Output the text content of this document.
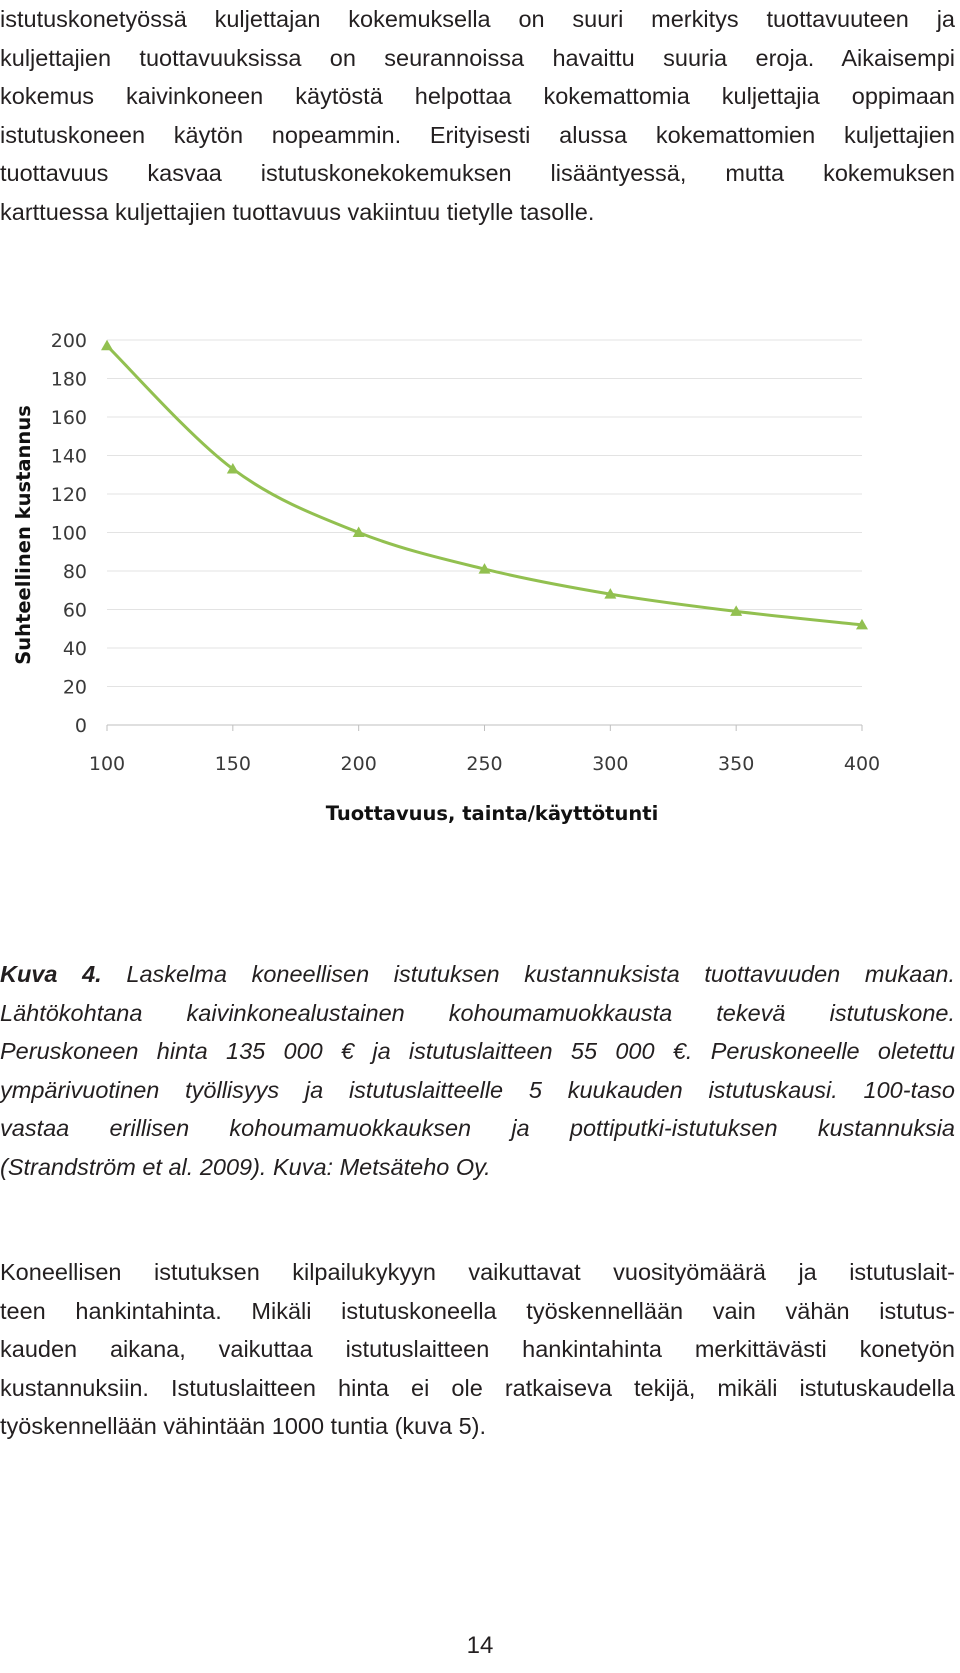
istutuskonetyössä kuljettajan kokemuksella on suuri merkitys tuottavuuteen ja
kuljettajien tuottavuuksissa on seurannoissa havaittu suuria eroja. Aikaisempi
kokemus kaivinkoneen käytöstä helpottaa kokemattomia kuljettajia oppimaan
istutuskoneen käytön nopeammin. Erityisesti alussa kokemattomien kuljettajien
tuottavuus kasvaa istutuskonekokemuksen lisääntyessä, mutta kokemuksen
karttuessa kuljettajien tuottavuus vakiintuu tietylle tasolle.
0
20
40
60
80
100
120
140
160
180
200
100	150	200	250	300	350	400
Tuottavuus, tainta/käyttötunti
Suhteellinen kustannus
Kuva 4. Laskelma koneellisen istutuksen kustannuksista tuottavuuden mukaan.
Lähtökohtana kaivinkonealustainen kohoumamuokkausta tekevä istutuskone.
Peruskoneen hinta 135 000 € ja istutuslaitteen 55 000 €. Peruskoneelle oletettu
ympärivuotinen työllisyys ja istutuslaitteelle 5 kuukauden istutuskausi. 100-taso
vastaa erillisen kohoumamuokkauksen ja pottiputki-istutuksen kustannuksia
(Strandström et al. 2009). Kuva: Metsäteho Oy.
Koneellisen istutuksen kilpailukykyyn vaikuttavat vuosityömäärä ja istutuslait-
teen hankintahinta. Mikäli istutuskoneella työskennellään vain vähän istutus-
kauden aikana, vaikuttaa istutuslaitteen hankintahinta merkittävästi konetyön
kustannuksiin. Istutuslaitteen hinta ei ole ratkaiseva tekijä, mikäli istutuskaudella
työskennellään vähintään 1000 tuntia (kuva 5).
14
